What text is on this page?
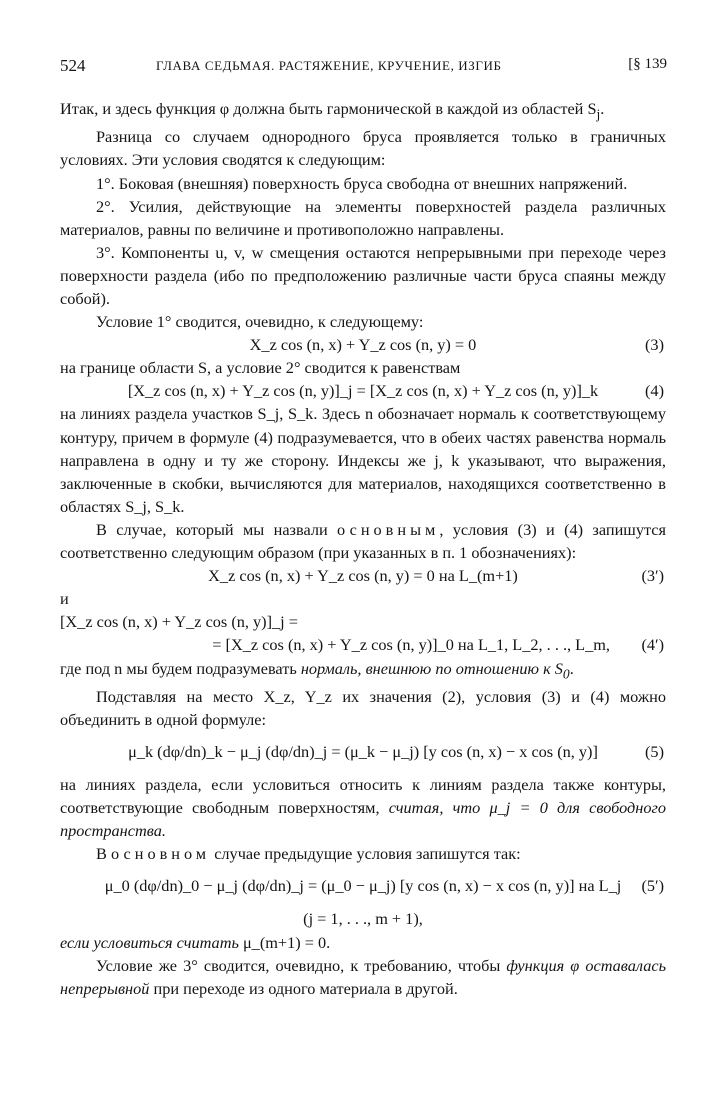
524	ГЛАВА СЕДЬМАЯ. РАСТЯЖЕНИЕ, КРУЧЕНИЕ, ИЗГИБ	[§ 139

Итак, и здесь функция φ должна быть гармонической в каждой из областей $S_j$.

Разница со случаем однородного бруса проявляется только в граничных условиях. Эти условия сводятся к следующим:

1°. Боковая (внешняя) поверхность бруса свободна от внешних напряжений.

2°. Усилия, действующие на элементы поверхностей раздела различных материалов, равны по величине и противоположно направлены.

3°. Компоненты u, v, w смещения остаются непрерывными при переходе через поверхности раздела (ибо по предположению различные части бруса спаяны между собой).

Условие 1° сводится, очевидно, к следующему:

X_z cos (n, x) + Y_z cos (n, y) = 0	(3)

на границе области S, а условие 2° сводится к равенствам

[X_z cos (n, x) + Y_z cos (n, y)]_j = [X_z cos (n, x) + Y_z cos (n, y)]_k	(4)

на линиях раздела участков S_j, S_k. Здесь n обозначает нормаль к соответствующему контуру, причем в формуле (4) подразумевается, что в обеих частях равенства нормаль направлена в одну и ту же сторону. Индексы же j, k указывают, что выражения, заключенные в скобки, вычисляются для материалов, находящихся соответственно в областях S_j, S_k.

В случае, который мы назвали основным, условия (3) и (4) запишутся соответственно следующим образом (при указанных в п. 1 обозначениях):

X_z cos (n, x) + Y_z cos (n, y) = 0 на L_(m+1)	(3′)

и

[X_z cos (n, x) + Y_z cos (n, y)]_j =
= [X_z cos (n, x) + Y_z cos (n, y)]_0 на L_1, L_2, . . ., L_m, (4′)

где под n мы будем подразумевать нормаль, внешнюю по отношению к $S_0$.

Подставляя на место X_z, Y_z их значения (2), условия (3) и (4) можно объединить в одной формуле:

μ_k (dφ/dn)_k − μ_j (dφ/dn)_j = (μ_k − μ_j) [y cos (n, x) − x cos (n, y)]	(5)

на линиях раздела, если условиться относить к линиям раздела также контуры, соответствующие свободным поверхностям, считая, что μ_j = 0 для свободного пространства.

В основном случае предыдущие условия запишутся так:

μ_0 (dφ/dn)_0 − μ_j (dφ/dn)_j = (μ_0 − μ_j) [y cos (n, x) − x cos (n, y)] на L_j (5′)
(j = 1, . . ., m + 1),

если условиться считать μ_(m+1) = 0.

Условие же 3° сводится, очевидно, к требованию, чтобы функция φ оставалась непрерывной при переходе из одного материала в другой.
